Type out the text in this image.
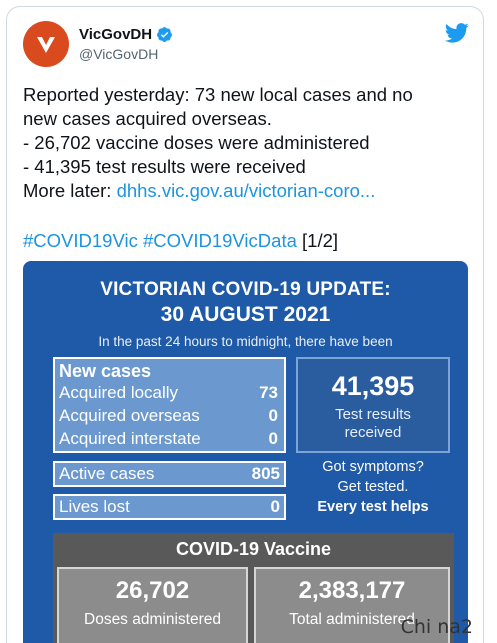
VicGovDH
@VicGovDH
Reported yesterday: 73 new local cases and no
new cases acquired overseas.
- 26,702 vaccine doses were administered
- 41,395 test results were received
More later: dhhs.vic.gov.au/victorian-coro...
#COVID19Vic #COVID19VicData [1/2]
VICTORIAN COVID-19 UPDATE:
30 AUGUST 2021
In the past 24 hours to midnight, there have been
New cases
Acquired locally	73
Acquired overseas	0
Acquired interstate	0
Active cases	805
Lives lost	0
41,395
Test results
received
Got symptoms?
Get tested.
Every test helps
COVID-19 Vaccine
26,702
Doses administered
2,383,177
Total administered
Chi na2
